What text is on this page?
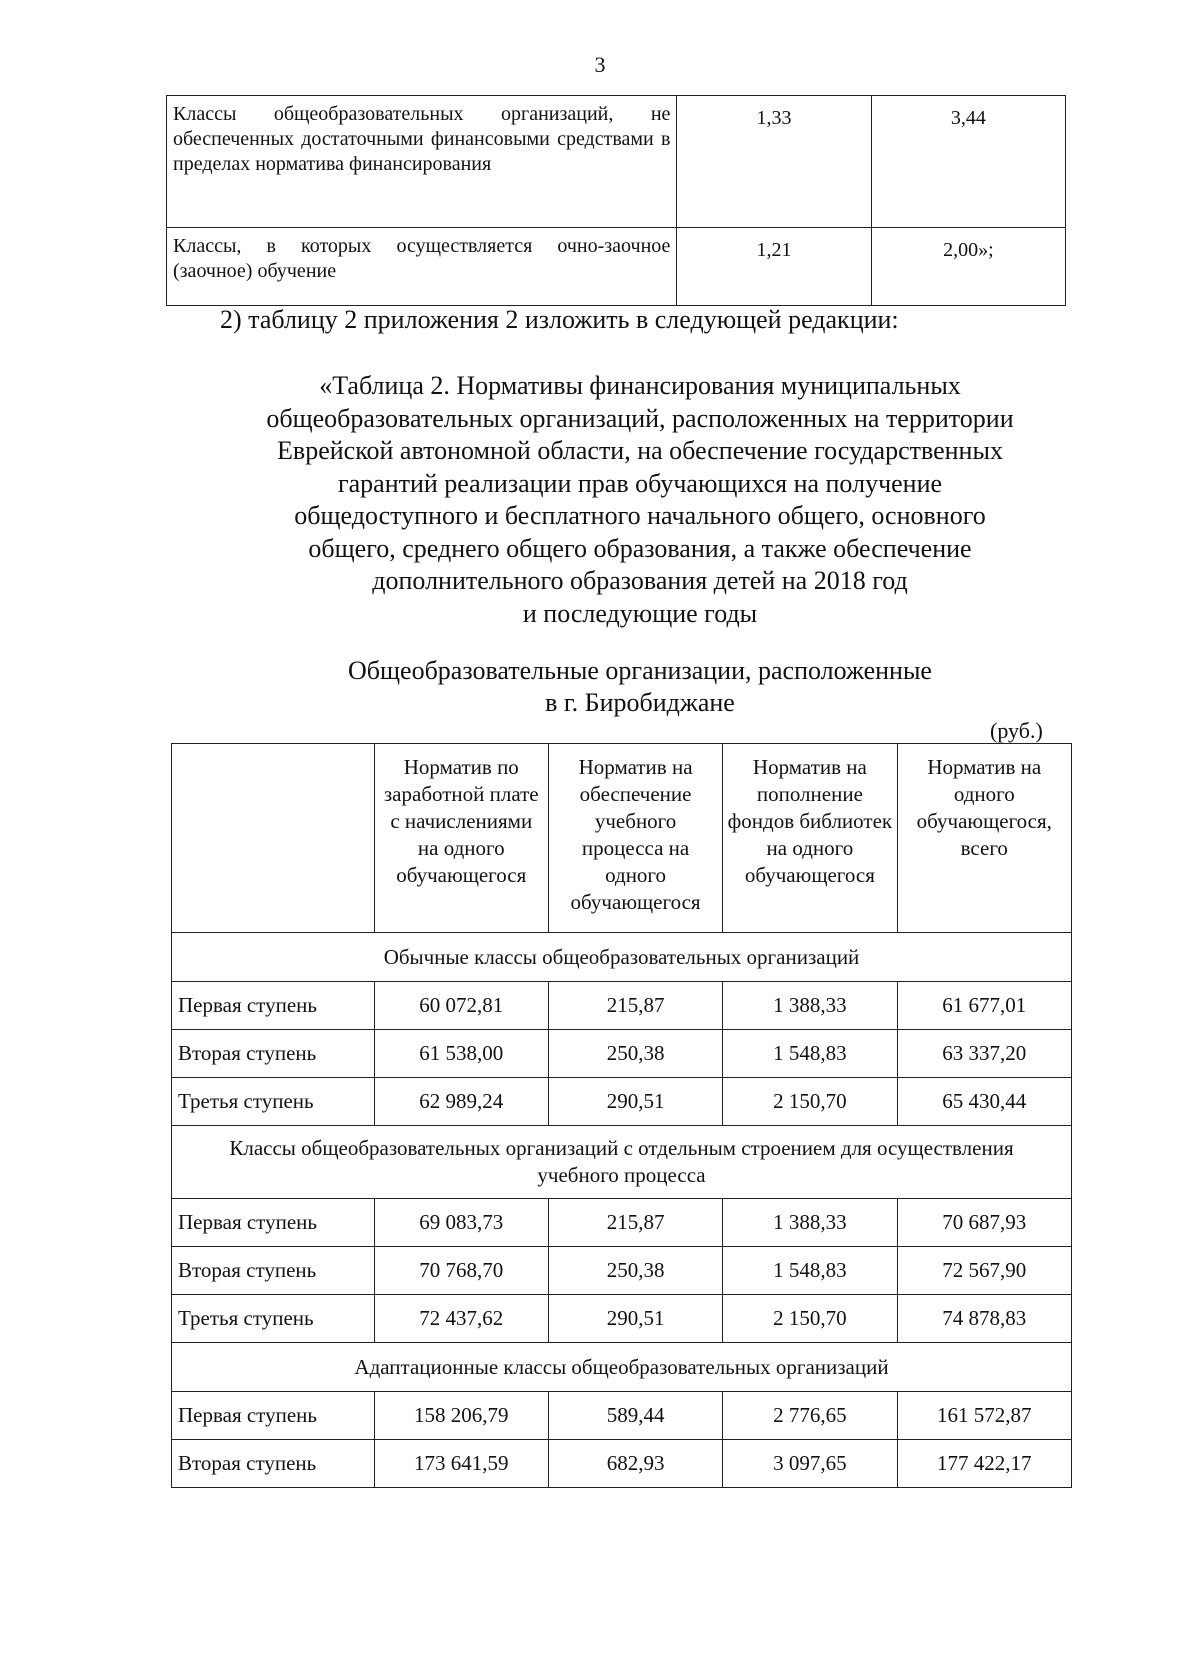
3
Классы общеобразовательных организаций, не обеспеченных достаточными финансовыми средствами в пределах норматива финансирования	1,33	3,44
Классы, в которых осуществляется очно-заочное (заочное) обучение	1,21	2,00»;
2) таблицу 2 приложения 2 изложить в следующей редакции:
«Таблица 2. Нормативы финансирования муниципальных
общеобразовательных организаций, расположенных на территории
Еврейской автономной области, на обеспечение государственных
гарантий реализации прав обучающихся на получение
общедоступного и бесплатного начального общего, основного
общего, среднего общего образования, а также обеспечение
дополнительного образования детей на 2018 год
и последующие годы
Общеобразовательные организации, расположенные
в г. Биробиджане
(руб.)
	Норматив по заработной плате с начислениями на одного обучающегося	Норматив на обеспечение учебного процесса на одного обучающегося	Норматив на пополнение фондов библиотек на одного обучающегося	Норматив на одного обучающегося, всего
Обычные классы общеобразовательных организаций				
Первая ступень	60 072,81	215,87	1 388,33	61 677,01
Вторая ступень	61 538,00	250,38	1 548,83	63 337,20
Третья ступень	62 989,24	290,51	2 150,70	65 430,44
Классы общеобразовательных организаций с отдельным строением для осуществления учебного процесса				
Первая ступень	69 083,73	215,87	1 388,33	70 687,93
Вторая ступень	70 768,70	250,38	1 548,83	72 567,90
Третья ступень	72 437,62	290,51	2 150,70	74 878,83
Адаптационные классы общеобразовательных организаций				
Первая ступень	158 206,79	589,44	2 776,65	161 572,87
Вторая ступень	173 641,59	682,93	3 097,65	177 422,17
